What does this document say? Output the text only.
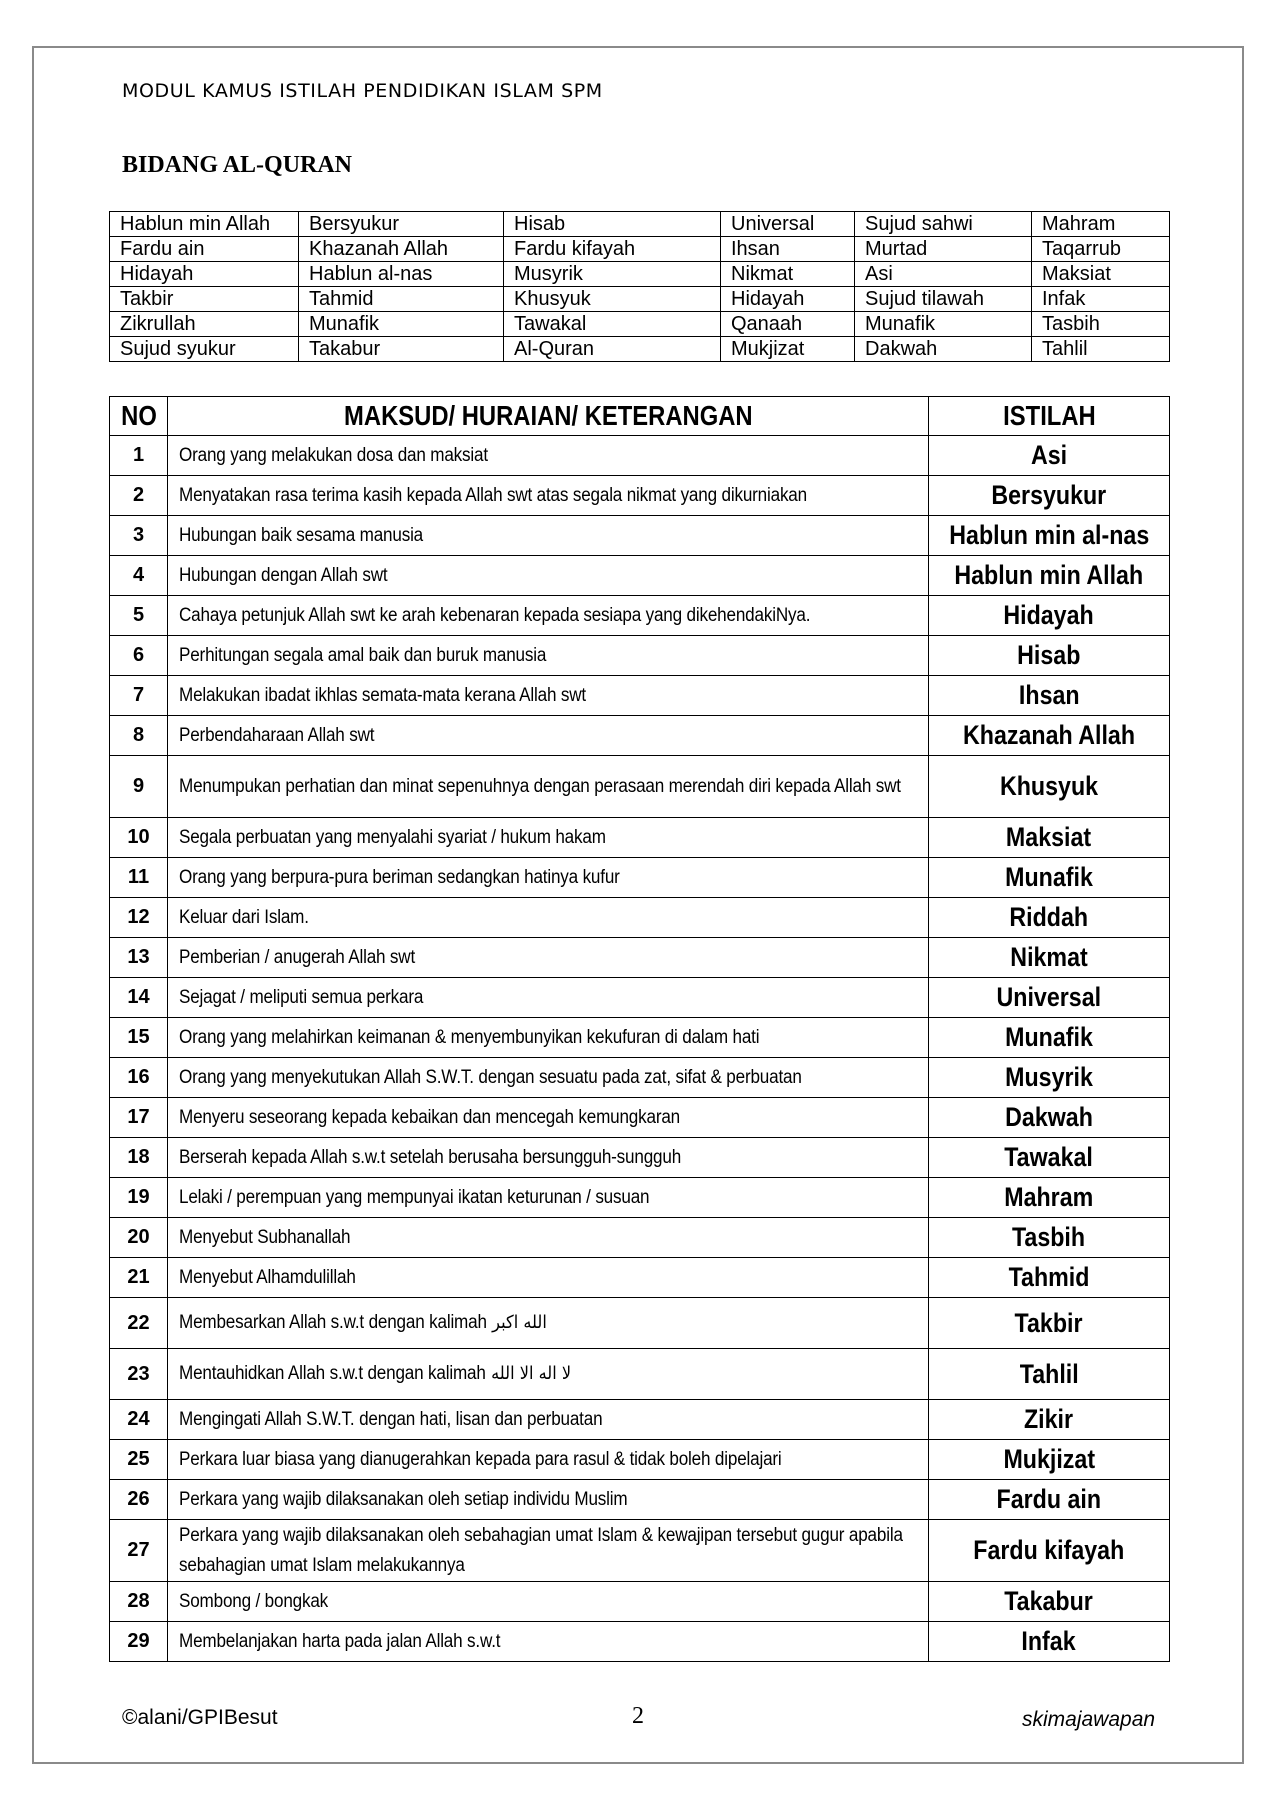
MODUL KAMUS ISTILAH PENDIDIKAN ISLAM SPM
BIDANG AL-QURAN
Hablun min Allah	Bersyukur	Hisab	Universal	Sujud sahwi	Mahram
Fardu ain	Khazanah Allah	Fardu kifayah	Ihsan	Murtad	Taqarrub
Hidayah	Hablun al-nas	Musyrik	Nikmat	Asi	Maksiat
Takbir	Tahmid	Khusyuk	Hidayah	Sujud tilawah	Infak
Zikrullah	Munafik	Tawakal	Qanaah	Munafik	Tasbih
Sujud syukur	Takabur	Al-Quran	Mukjizat	Dakwah	Tahlil
NO	MAKSUD/ HURAIAN/ KETERANGAN	ISTILAH
1	Orang yang melakukan dosa dan maksiat	Asi
2	Menyatakan rasa terima kasih kepada Allah swt atas segala nikmat yang dikurniakan	Bersyukur
3	Hubungan baik sesama manusia	Hablun min al-nas
4	Hubungan dengan Allah swt	Hablun min Allah
5	Cahaya petunjuk Allah swt ke arah kebenaran kepada sesiapa yang dikehendakiNya.	Hidayah
6	Perhitungan segala amal baik dan buruk manusia	Hisab
7	Melakukan ibadat ikhlas semata-mata kerana Allah swt	Ihsan
8	Perbendaharaan Allah swt	Khazanah Allah
9	Menumpukan perhatian dan minat sepenuhnya dengan perasaan merendah diri kepada Allah swt	Khusyuk
10	Segala perbuatan yang menyalahi syariat / hukum hakam	Maksiat
11	Orang yang berpura-pura beriman sedangkan hatinya kufur	Munafik
12	Keluar dari Islam.	Riddah
13	Pemberian / anugerah Allah swt	Nikmat
14	Sejagat / meliputi semua perkara	Universal
15	Orang yang melahirkan keimanan & menyembunyikan kekufuran di dalam hati	Munafik
16	Orang yang menyekutukan Allah S.W.T. dengan sesuatu pada zat, sifat & perbuatan	Musyrik
17	Menyeru seseorang kepada kebaikan dan mencegah kemungkaran	Dakwah
18	Berserah kepada Allah s.w.t setelah berusaha bersungguh-sungguh	Tawakal
19	Lelaki / perempuan yang mempunyai ikatan keturunan / susuan	Mahram
20	Menyebut Subhanallah	Tasbih
21	Menyebut Alhamdulillah	Tahmid
22	Membesarkan Allah s.w.t dengan kalimah الله اكبر	Takbir
23	Mentauhidkan Allah s.w.t dengan kalimah لا اله الا الله	Tahlil
24	Mengingati Allah S.W.T. dengan hati, lisan dan perbuatan	Zikir
25	Perkara luar biasa yang dianugerahkan kepada para rasul & tidak boleh dipelajari	Mukjizat
26	Perkara yang wajib dilaksanakan oleh setiap individu Muslim	Fardu ain
27	Perkara yang wajib dilaksanakan oleh sebahagian umat Islam & kewajipan tersebut gugur apabila sebahagian umat Islam melakukannya	Fardu kifayah
28	Sombong / bongkak	Takabur
29	Membelanjakan harta pada jalan Allah s.w.t	Infak
©alani/GPIBesut	2	skimajawapan
